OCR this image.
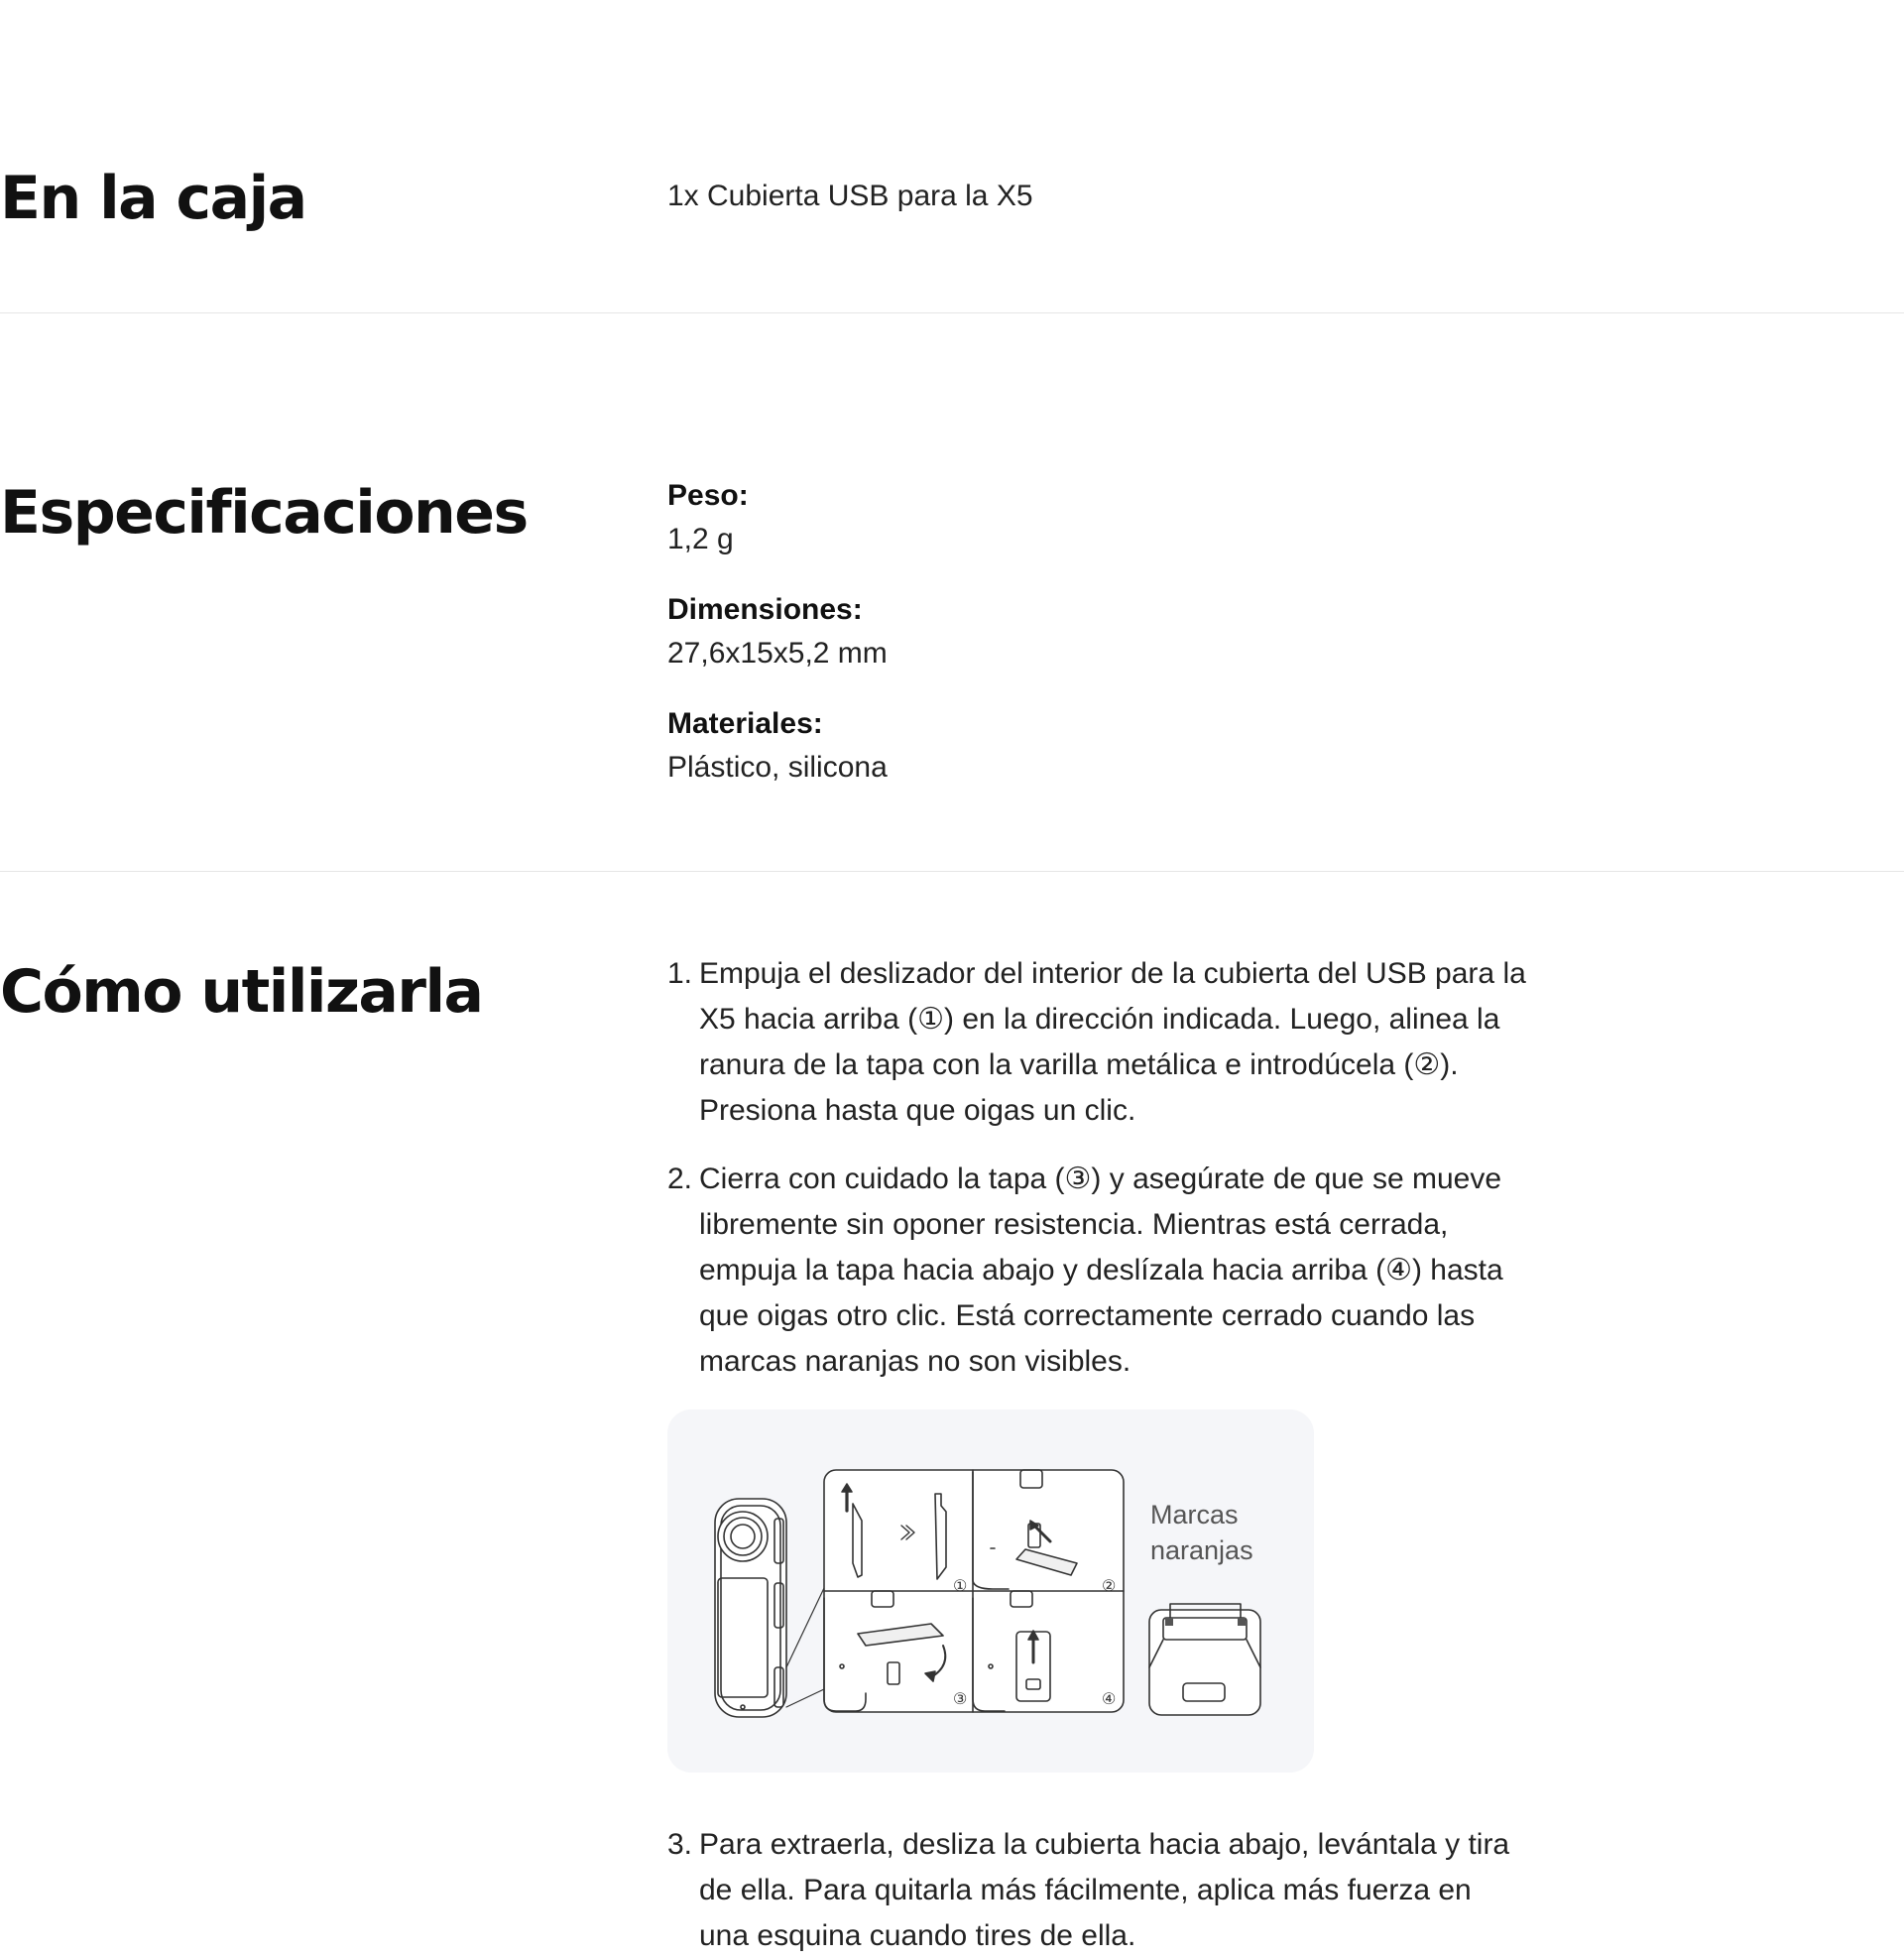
En la caja	1x Cubierta USB para la X5
Especificaciones	Peso:
1,2 g
Dimensiones:
27,6x15x5,2 mm
Materiales:
Plástico, silicona
Cómo utilizarla	1. Empuja el deslizador del interior de la cubierta del USB para la
X5 hacia arriba (①) en la dirección indicada. Luego, alinea la
ranura de la tapa con la varilla metálica e introdúcela (②).
Presiona hasta que oigas un clic.
2. Cierra con cuidado la tapa (③) y asegúrate de que se mueve
libremente sin oponer resistencia. Mientras está cerrada,
empuja la tapa hacia abajo y deslízala hacia arriba (④) hasta
que oigas otro clic. Está correctamente cerrado cuando las
marcas naranjas no son visibles.
①	②
③	④
Marcas
naranjas
3. Para extraerla, desliza la cubierta hacia abajo, levántala y tira
de ella. Para quitarla más fácilmente, aplica más fuerza en
una esquina cuando tires de ella.
